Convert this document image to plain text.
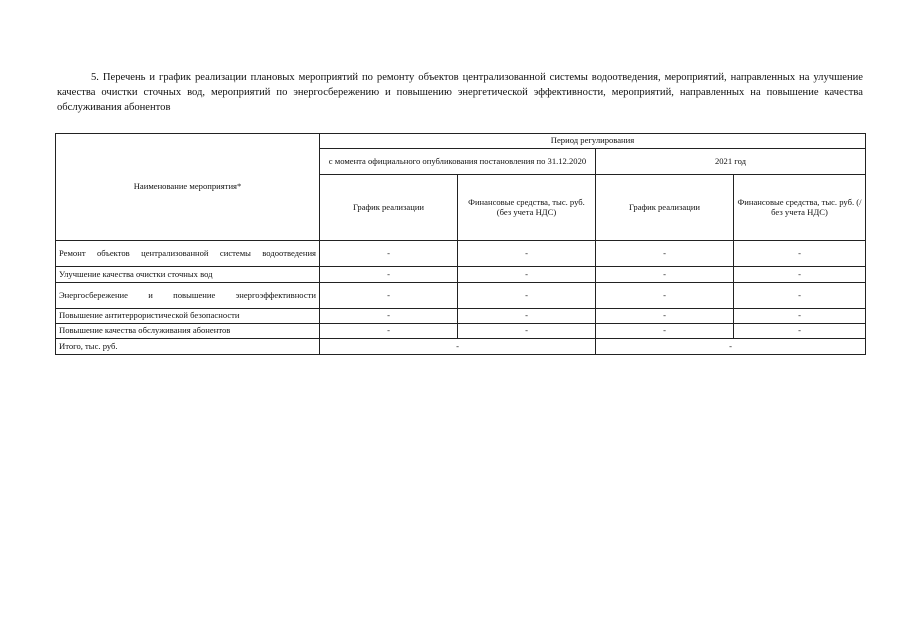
5. Перечень и график реализации плановых мероприятий по ремонту объектов централизованной системы водоотведения, мероприятий, направленных на улучшение качества очистки сточных вод, мероприятий по энергосбережению и повышению энергетической эффективности, мероприятий, направленных на повышение качества обслуживания абонентов
Наименование мероприятия*	Период регулирования			
	с момента официального опубликования постановления по 31.12.2020		2021 год	
	График реализации	Финансовые средства, тыс. руб. (без учета НДС)	График реализации	Финансовые средства, тыс. руб. (/без учета НДС)
Ремонт объектов централизованной системы водоотведения	-	-	-	-
Улучшение качества очистки сточных вод	-	-	-	-
Энергосбережение и повышение энергоэффективности	-	-	-	-
Повышение антитеррористической безопасности	-	-	-	-
Повышение качества обслуживания абонентов	-	-	-	-
Итого, тыс. руб.	-		-	
